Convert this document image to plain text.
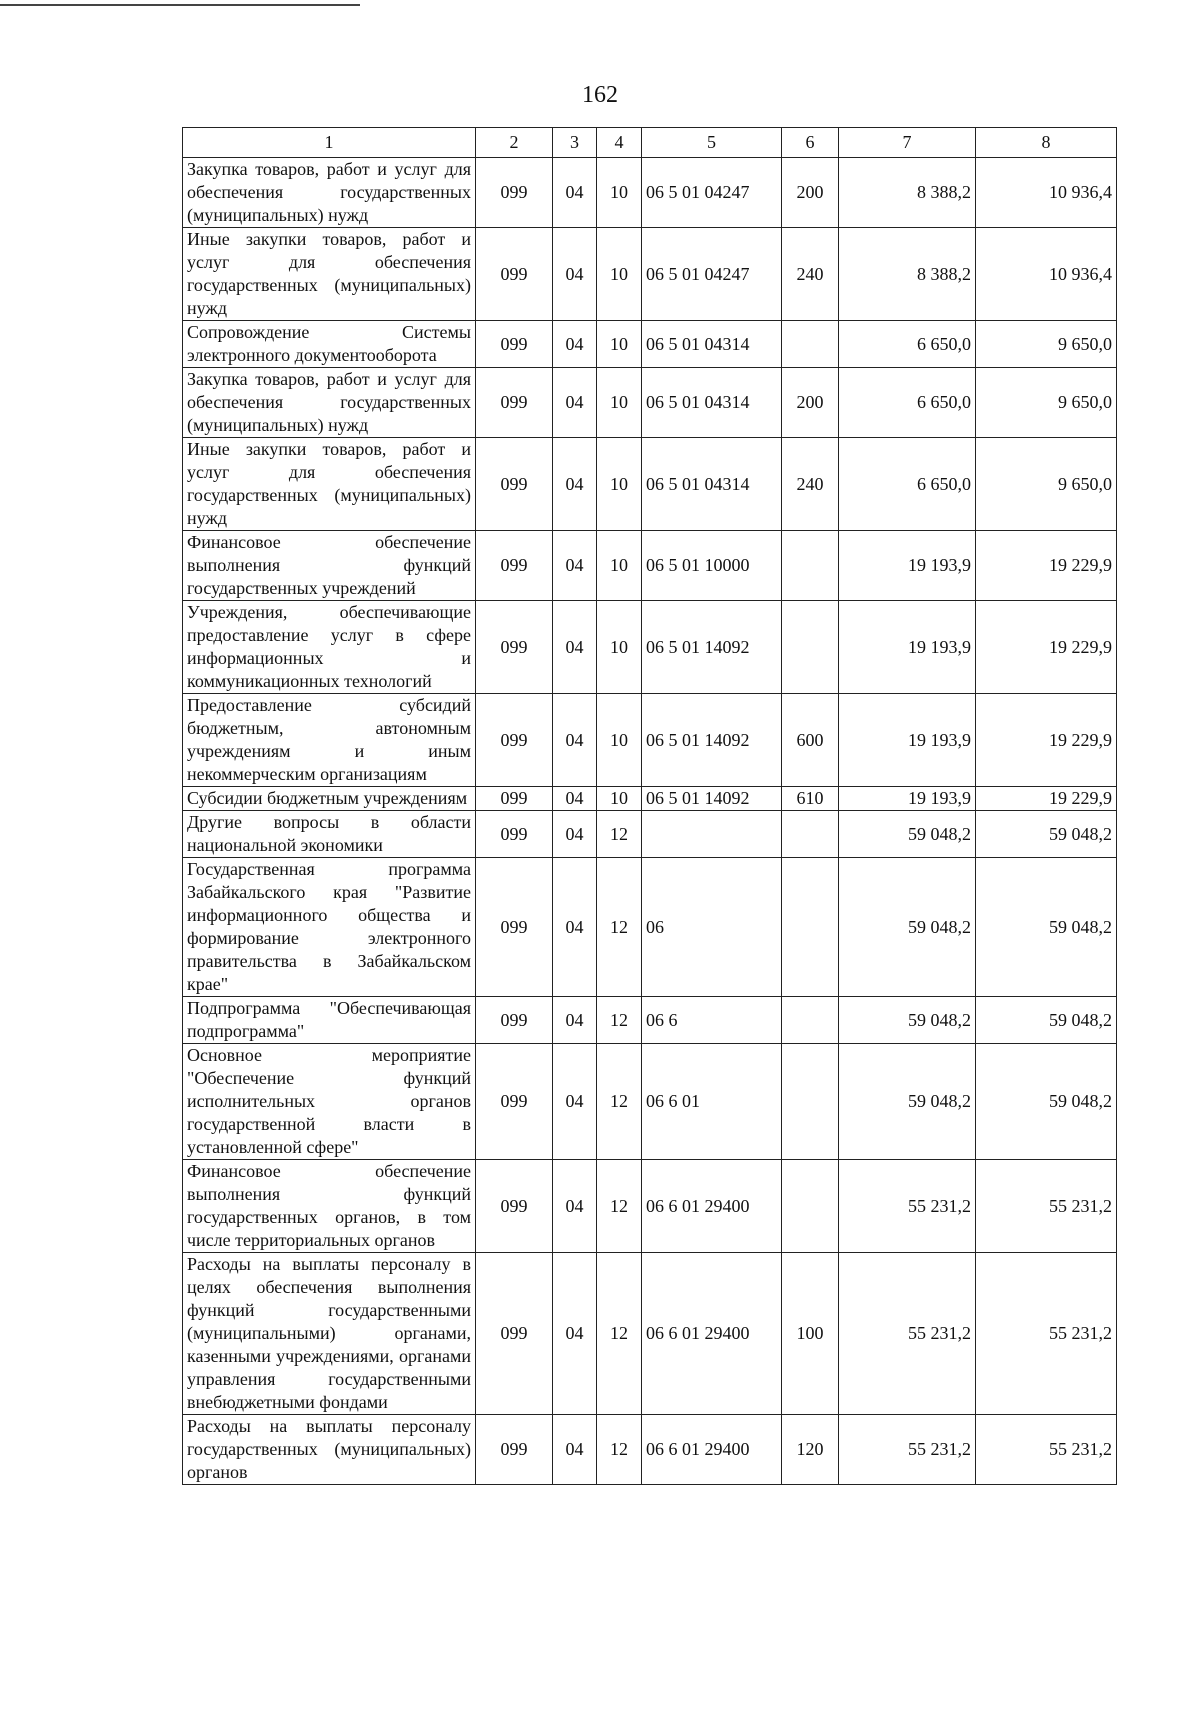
162
1	2	3	4	5	6	7	8
Закупка товаров, работ и услуг для обеспечения государственных (муниципальных) нужд	099	04	10	06 5 01 04247	200	8 388,2	10 936,4
Иные закупки товаров, работ и услуг для обеспечения государственных (муниципальных) нужд	099	04	10	06 5 01 04247	240	8 388,2	10 936,4
Сопровождение Системы электронного документооборота	099	04	10	06 5 01 04314		6 650,0	9 650,0
Закупка товаров, работ и услуг для обеспечения государственных (муниципальных) нужд	099	04	10	06 5 01 04314	200	6 650,0	9 650,0
Иные закупки товаров, работ и услуг для обеспечения государственных (муниципальных) нужд	099	04	10	06 5 01 04314	240	6 650,0	9 650,0
Финансовое обеспечение выполнения функций государственных учреждений	099	04	10	06 5 01 10000		19 193,9	19 229,9
Учреждения, обеспечивающие предоставление услуг в сфере информационных и коммуникационных технологий	099	04	10	06 5 01 14092		19 193,9	19 229,9
Предоставление субсидий бюджетным, автономным учреждениям и иным некоммерческим организациям	099	04	10	06 5 01 14092	600	19 193,9	19 229,9
Субсидии бюджетным учреждениям	099	04	10	06 5 01 14092	610	19 193,9	19 229,9
Другие вопросы в области национальной экономики	099	04	12			59 048,2	59 048,2
Государственная программа Забайкальского края "Развитие информационного общества и формирование электронного правительства в Забайкальском крае"	099	04	12	06		59 048,2	59 048,2
Подпрограмма "Обеспечивающая подпрограмма"	099	04	12	06 6		59 048,2	59 048,2
Основное мероприятие "Обеспечение функций исполнительных органов государственной власти в установленной сфере"	099	04	12	06 6 01		59 048,2	59 048,2
Финансовое обеспечение выполнения функций государственных органов, в том числе территориальных органов	099	04	12	06 6 01 29400		55 231,2	55 231,2
Расходы на выплаты персоналу в целях обеспечения выполнения функций государственными (муниципальными) органами, казенными учреждениями, органами управления государственными внебюджетными фондами	099	04	12	06 6 01 29400	100	55 231,2	55 231,2
Расходы на выплаты персоналу государственных (муниципальных) органов	099	04	12	06 6 01 29400	120	55 231,2	55 231,2
